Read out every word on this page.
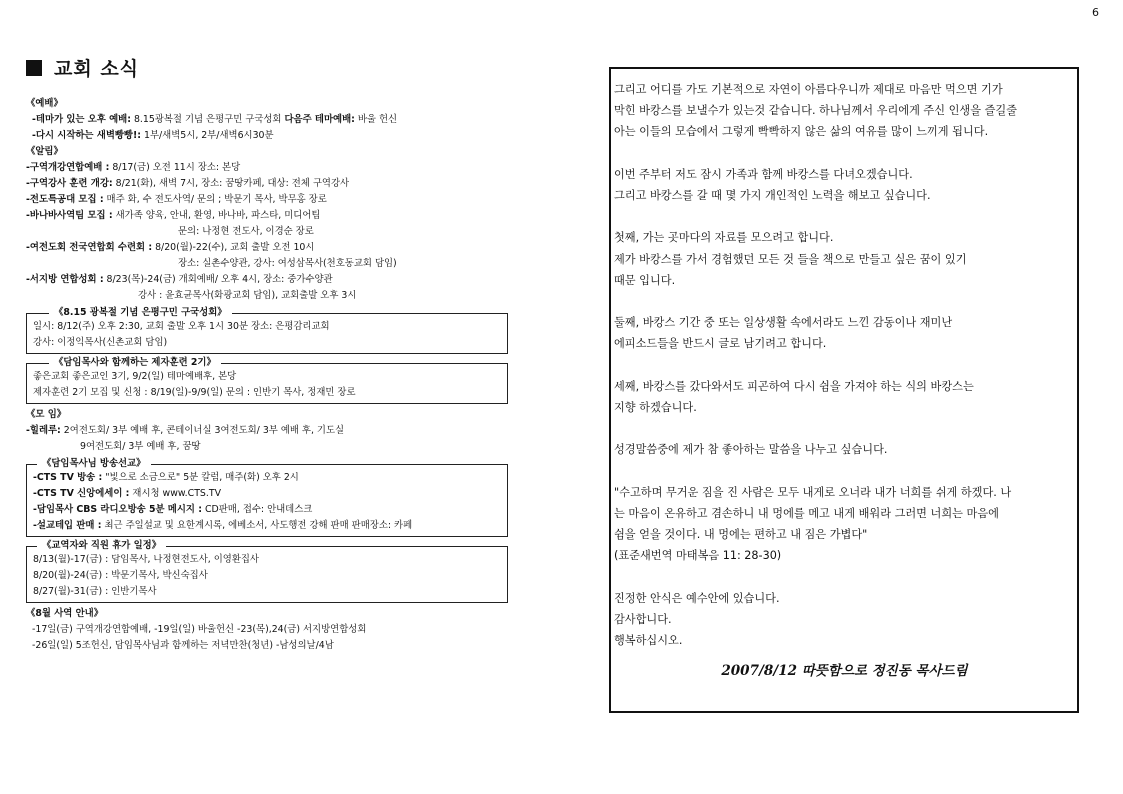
6
교회 소식
《예배》
-테마가 있는 오후 예배: 8.15광복절 기념 은평구민 구국성회 다음주 테마예배: 바울 헌신
-다시 시작하는 새벽빵빵!: 1부/새벽5시, 2부/새벽6시30분
《알림》
-구역개강연합예배 : 8/17(금) 오전 11시 장소: 본당
-구역강사 훈련 개강: 8/21(화), 새벽 7시, 장소: 꿈땅카페, 대상: 전체 구역강사
-전도특공대 모집 : 매주 화, 수 전도사역/ 문의 ; 박문기 목사, 박무홍 장로
-바나바사역팀 모집 : 새가족 양육, 안내, 환영, 바나바, 파스타, 미디어팀
문의: 나정현 전도사, 이경순 장로
-여전도회 전국연합회 수련회 : 8/20(월)-22(수), 교회 출발 오전 10시
장소: 실촌수양관, 강사: 여성삼목사(천호동교회 담임)
-서지방 연합성회 : 8/23(목)-24(금) 개회예배/ 오후 4시, 장소: 중가수양관
강사 : 윤효균목사(화광교회 담임), 교회출발 오후 3시
《8.15 광복절 기념 은평구민 구국성회》
일시: 8/12(주) 오후 2:30, 교회 출발 오후 1시 30분 장소: 은평감리교회
강사: 이정익목사(신촌교회 담임)
《담임목사와 함께하는 제자훈련 2기》
좋은교회 좋은교인 3기, 9/2(일) 테마예배후, 본당
제자훈련 2기 모집 및 신청 : 8/19(일)-9/9(일) 문의 : 인반기 목사, 정재민 장로
《모 임》
-힐레루: 2여전도회/ 3부 예배 후, 콘테이너실 3여전도회/ 3부 예배 후, 기도실
9여전도회/ 3부 예배 후, 꿈땅
《담임목사님 방송선교》
-CTS TV 방송 : "빛으로 소금으로" 5분 칼럼, 매주(화) 오후 2시
-CTS TV 신앙에세이 : 재시청 www.CTS.TV
-담임목사 CBS 라디오방송 5분 메시지 : CD판매, 접수: 안내데스크
-설교테입 판매 : 최근 주일설교 및 요한계시록, 에베소서, 사도행전 강해 판매 판매장소: 카페
《교역자와 직원 휴가 일정》
8/13(월)-17(금) : 담임목사, 나정현전도사, 이영환집사
8/20(월)-24(금) : 박문기목사, 박신숙집사
8/27(월)-31(금) : 인반기목사
《8월 사역 안내》
-17일(금) 구역개강연합예배, -19일(일) 바울헌신 -23(목),24(금) 서지방연합성회
-26일(일) 5조헌신, 담임목사님과 함께하는 저녁만찬(청년) -남성의날/4남
그리고 어디를 가도 기본적으로 자연이 아름다우니까 제대로 마음만 먹으면 기가
막힌 바캉스를 보낼수가 있는것 같습니다. 하나님께서 우리에게 주신 인생을 즐길줄
아는 이들의 모습에서 그렇게 빡빡하지 않은 삶의 여유를 많이 느끼게 됩니다.
이번 주부터 저도 잠시 가족과 함께 바캉스를 다녀오겠습니다.
그리고 바캉스를 갈 때 몇 가지 개인적인 노력을 해보고 싶습니다.
첫째, 가는 곳마다의 자료를 모으려고 합니다.
제가 바캉스를 가서 경험했던 모든 것 들을 책으로 만들고 싶은 꿈이 있기
때문 입니다.
둘째, 바캉스 기간 중 또는 일상생활 속에서라도 느낀 감동이나 재미난
에피소드들을 반드시 글로 남기려고 합니다.
세째, 바캉스를 갔다와서도 피곤하여 다시 쉼을 가져야 하는 식의 바캉스는
지향 하겠습니다.
성경말씀중에 제가 참 좋아하는 말씀을 나누고 싶습니다.
"수고하며 무거운 짐을 진 사람은 모두 내게로 오너라 내가 너희를 쉬게 하겠다. 나
는 마음이 온유하고 겸손하니 내 멍에를 메고 내게 배워라 그러면 너희는 마음에
쉼을 얻을 것이다. 내 멍에는 편하고 내 짐은 가볍다"
(표준새번역 마태복음 11: 28-30)
진정한 안식은 예수안에 있습니다.
감사합니다.
행복하십시오.
2007/8/12 따뜻함으로 정진동 목사드림
